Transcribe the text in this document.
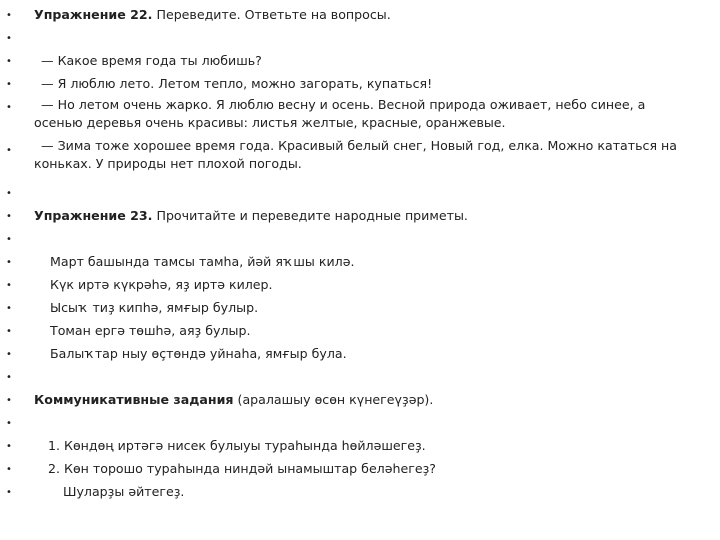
• Упражнение 22. Переведите. Ответьте на вопросы.
•
•	— Какое время года ты любишь?
•	— Я люблю лето. Летом тепло, можно загорать, купаться!
•	— Но летом очень жарко. Я люблю весну и осень. Весной природа оживает, небо синее, а осенью деревья очень красивы: листья желтые, красные, оранжевые.
•	— Зима тоже хорошее время года. Красивый белый снег, Новый год, елка. Можно кататься на коньках. У природы нет плохой погоды.
•
• Упражнение 23. Прочитайте и переведите народные приметы.
•
•	Март башында тамсы тамһа, йәй яҡшы килә.
•	Күк иртә күкрәһә, яҙ иртә килер.
•	Ысыҡ тиҙ кипһә, ямғыр булыр.
•	Томан ергә төшһә, аяҙ булыр.
•	Балыҡтар ныу өҫтөндә уйнаһа, ямғыр була.
•
• Коммуникативные задания (аралашыу өсөн күнегеүҙәр).
•
•	1. Көндөң иртәгә нисек булыуы тураһында һөйләшегеҙ.
•	2. Көн торошо тураһында ниндәй ынамыштар беләһегеҙ?
•	Шуларҙы әйтегеҙ.
